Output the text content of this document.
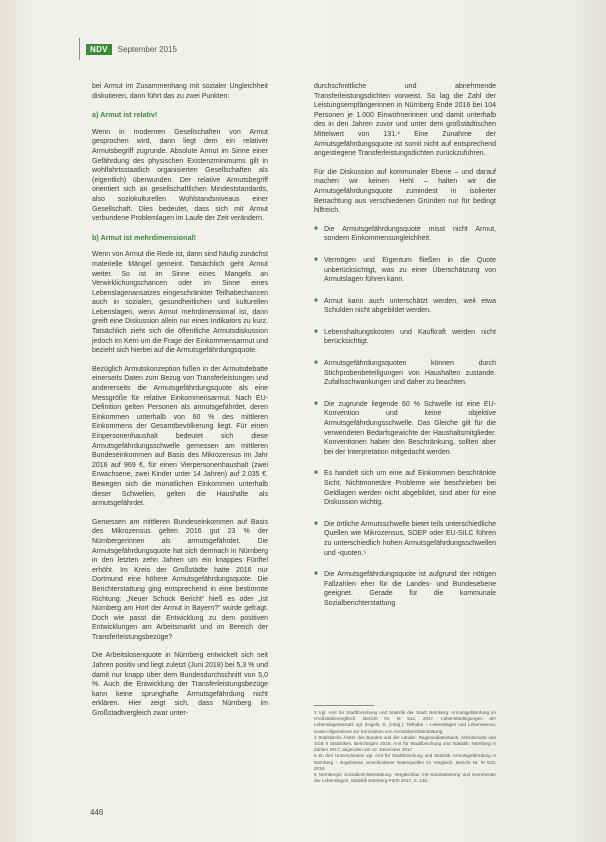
NDV	September 2015

bei Armut im Zusammenhang mit sozialer Ungleichheit diskutieren, dann führt das zu zwei Punkten:

a) Armut ist relativ!

Wenn in modernen Gesellschaften von Armut gesprochen wird, dann liegt dem ein relativer Armutsbegriff zugrunde. Absolute Armut im Sinne einer Gefährdung des physischen Existenzminimums gilt in wohlfahrtsstaatlich organisierten Gesellschaften als (eigentlich) überwunden. Der relative Armutsbegriff orientiert sich an gesellschaftlichen Mindeststandards, also soziokulturellen Wohlstandsniveaus einer Gesellschaft. Dies bedeutet, dass sich mit Armut verbundene Problemlagen im Laufe der Zeit verändern.

b) Armut ist mehrdimensional!

Wenn von Armut die Rede ist, dann sind häufig zunächst materielle Mängel gemeint. Tatsächlich geht Armut weiter. So ist im Sinne eines Mangels an Verwirklichungschancen oder im Sinne eines Lebenslagenansatzes eingeschränkter Teilhabechancen auch in sozialen, gesundheitlichen und kulturellen Lebenslagen, wenn Armut mehrdimensional ist, dann greift eine Diskussion allein nur eines Indikators zu kurz. Tatsächlich zieht sich die öffentliche Armutsdiskussion jedoch im Kern um die Frage der Einkommensarmut und bezieht sich hierbei auf die Armutsgefährdungsquote.

Bezüglich Armutskonzeption fußen in der Armutsdebatte einerseits Daten zum Bezug von Transferleistungen und andererseits die Armutsgefährdungsquote als eine Messgröße für relative Einkommensarmut. Nach EU-Definition gelten Personen als armutsgefährdet, deren Einkommen unterhalb von 60 % des mittleren Einkommens der Gesamtbevölkerung liegt. Für einen Einpersonenhaushalt bedeutet sich diese Armutsgefährdungsschwelle gemessen am mittleren Bundeseinkommen auf Basis des Mikrozensus im Jahr 2016 auf 969 €, für einen Vierpersonenhaushalt (zwei Erwachsene, zwei Kinder unter 14 Jahren) auf 2.035 €. Bewegen sich die monatlichen Einkommen unterhalb dieser Schwellen, gelten die Haushalte als armutsgefährdet.

Gemessen am mittleren Bundeseinkommen auf Basis des Mikrozensus gelten 2016 gut 23 % der Nürnbergerinnen als armutsgefährdet. Die Armutsgefährdungsquote hat sich demnach in Nürnberg in den letzten zehn Jahren um ein knappes Fünftel erhöht. Im Kreis der Großstädte hatte 2016 nur Dortmund eine höhere Armutsgefährdungsquote. Die Berichterstattung ging entsprechend in eine bestimmte Richtung: „Neuer Schock Bericht“ hieß es oder „Ist Nürnberg am Hort der Armut in Bayern?“ wurde gefragt. Doch wie passt die Entwicklung zu dem positiven Entwicklungen am Arbeitsmarkt und im Bereich der Transferleistungsbezüge?

Die Arbeitslosenquote in Nürnberg entwickelt sich seit Jahren positiv und liegt zuletzt (Juni 2018) bei 5,3 % und damit nur knapp über dem Bundesdurchschnitt von 5,0 %. Auch die Entwicklung der Transferleistungsbezüge kann keine sprunghafte Armutsgefährdung nicht erklären. Hier zeigt sich, dass Nürnberg im Großstadtvergleich zwar unter-

durchschnittliche und abnehmende Transferleistungsdichten vorweist. So lag die Zahl der Leistungsempfängerinnen in Nürnberg Ende 2016 bei 104 Personen je 1.000 Einwohnerinnen und damit unterhalb des in den Jahren zuvor und unter dem großstädtischen Mittelwert von 131.⁴ Eine Zunahme der Armutsgefährdungsquote ist somit nicht auf entsprechend angestiegene Transferleistungsdichten zurückzuführen.

Für die Diskussion auf kommunaler Ebene – und darauf machen wir keinen Hehl – halten wir die Armutsgefährdungsquote zumindest in isolierter Betrachtung aus verschiedenen Gründen nur für bedingt hilfreich.

■ Die Armutsgefährdungsquote misst nicht Armut, sondern Einkommensungleichheit.
■ Vermögen und Eigentum fließen in die Quote unberücksichtigt, was zu einer Überschätzung von Armutslagen führen kann.
■ Armut kann auch unterschätzt werden, weil etwa Schulden nicht abgebildet werden.
■ Lebenshaltungskosten und Kaufkraft werden nicht berücksichtigt.
■ Armutsgefährdungsquoten können durch Stichprobenbeteiligungen von Haushalten zustande. Zufallsschwankungen und daher zu beachten.
■ Die zugrunde liegende 60 % Schwelle ist eine EU-Konvention und keine objektive Armutsgefährdungsschwelle. Das Gleiche gilt für die verwendeten Bedarfsgewichte der Haushaltsmitglieder. Konventionen haben den Beschränkung, sollten aber bei der Interpretation mitgedacht werden.
■ Es handelt sich um eine auf Einkommen beschränkte Sicht, Nichtmonetäre Probleme wie beschrieben bei Geldlagen werden nicht abgebildet, sind aber für eine Diskussion wichtig.
■ Die örtliche Armutsschwelle bietet teils unterschiedliche Quellen wie Mikrozensus, SOEP oder EU-SILC führen zu unterschiedlich hohen Armutsgefährdungsschwellen und -quoten.⁵
■ Die Armutsgefährdungsquote ist aufgrund der nötigen Fallzahlen eher für die Landes- und Bundesebene geeignet. Gerade für die kommunale Sozialberichterstattung

3 Vgl. Amt für Stadtforschung und Statistik der Stadt Nürnberg: Armutsgefährdung im Großstädtevergleich. Bericht Nr. M 512, 2017. Lebensbedingungen der Lebenslagenansatz vgl. Engels, D. (Hrsg.): Teilhabe – Lebenslagen und Lebensarmut, sowie Allgemeines zur Konzeption von Armutsberichterstattung.

4 Statistische Ämter des Bundes und der Länder: Regionaldatenbank, Arbeitsmarkt und SGB II Statistiken, Berichtsjahr 2016; Amt für Stadtforschung und Statistik: Nürnberg in Zahlen 2017; abgerufen am 12. Dezember 2017.

5 Zu den Unterschieden vgl. Amt für Stadtforschung und Statistik: Armutsgefährdung in Nürnberg – Ergebnisse verschiedener Datenquellen im Vergleich. Bericht Nr. M 510, 2016.

6 Nürnberger Sozialberichterstattung: Vergleichbar mit Kontrastierung und Kommentar der Lebenslagen; Statistik Nürnberg-Fürth 2017, S. 145.

446
